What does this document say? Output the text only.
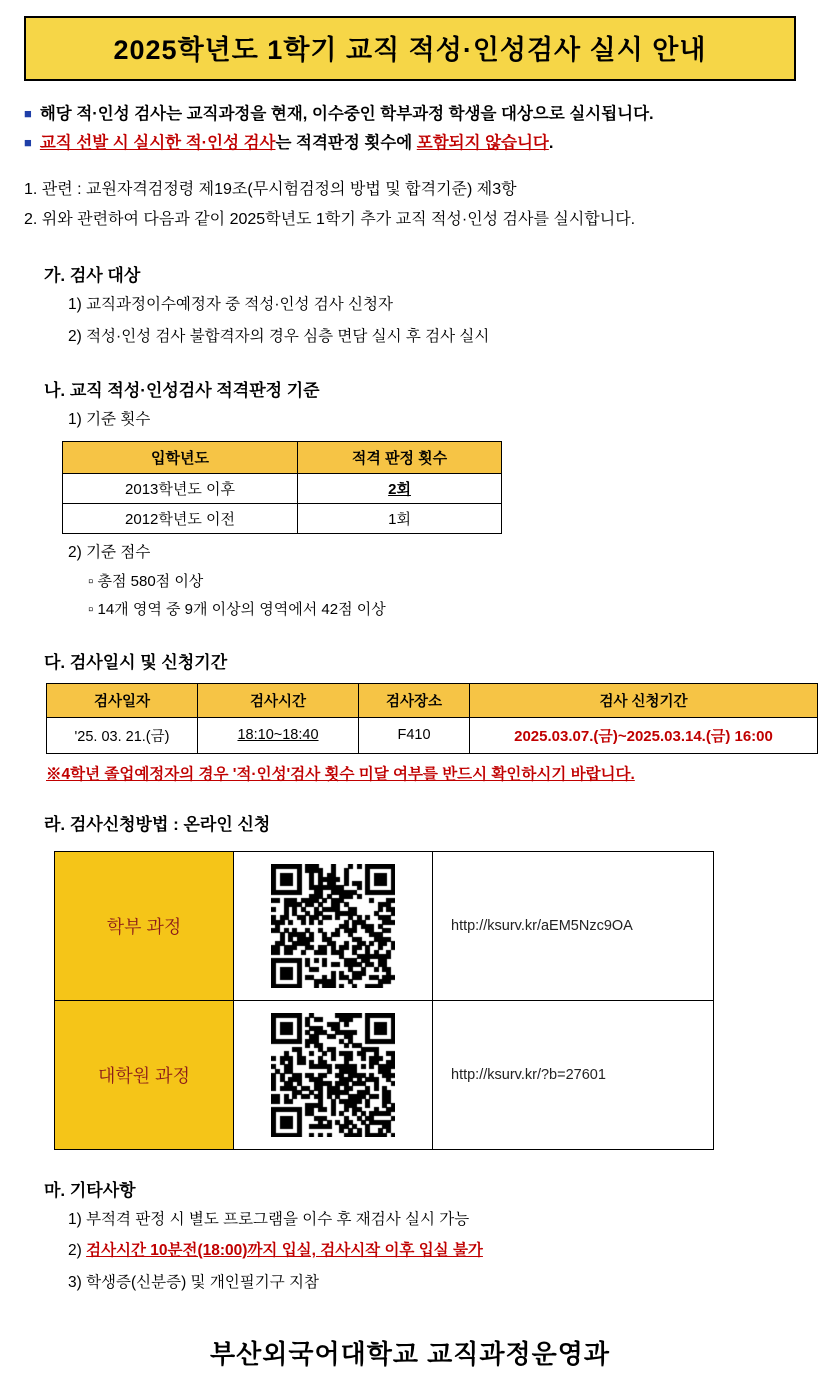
2025학년도 1학기 교직 적성·인성검사 실시 안내
■ 해당 적·인성 검사는 교직과정을 현재, 이수중인 학부과정 학생을 대상으로 실시됩니다.
■ 교직 선발 시 실시한 적·인성 검사는 적격판정 횟수에 포함되지 않습니다.
1. 관련 : 교원자격검정령 제19조(무시험검정의 방법 및 합격기준) 제3항
2. 위와 관련하여 다음과 같이 2025학년도 1학기 추가 교직 적성·인성 검사를 실시합니다.
가. 검사 대상
1) 교직과정이수예정자 중 적성·인성 검사 신청자
2) 적성·인성 검사 불합격자의 경우 심층 면담 실시 후 검사 실시
나. 교직 적성·인성검사 적격판정 기준
1) 기준 횟수
입학년도	적격 판정 횟수
2013학년도 이후	2회
2012학년도 이전	1회
2) 기준 점수
▫ 총점 580점 이상
▫ 14개 영역 중 9개 이상의 영역에서 42점 이상
다. 검사일시 및 신청기간
검사일자	검사시간	검사장소	검사 신청기간
'25. 03. 21.(금)	18:10~18:40	F410	2025.03.07.(금)~2025.03.14.(금) 16:00
※4학년 졸업예정자의 경우 '적·인성'검사 횟수 미달 여부를 반드시 확인하시기 바랍니다.
라. 검사신청방법 : 온라인 신청
학부 과정		http://ksurv.kr/aEM5Nzc9OA
대학원 과정		http://ksurv.kr/?b=27601
마. 기타사항
1) 부적격 판정 시 별도 프로그램을 이수 후 재검사 실시 가능
2) 검사시간 10분전(18:00)까지 입실, 검사시작 이후 입실 불가
3) 학생증(신분증) 및 개인필기구 지참
부산외국어대학교 교직과정운영과
